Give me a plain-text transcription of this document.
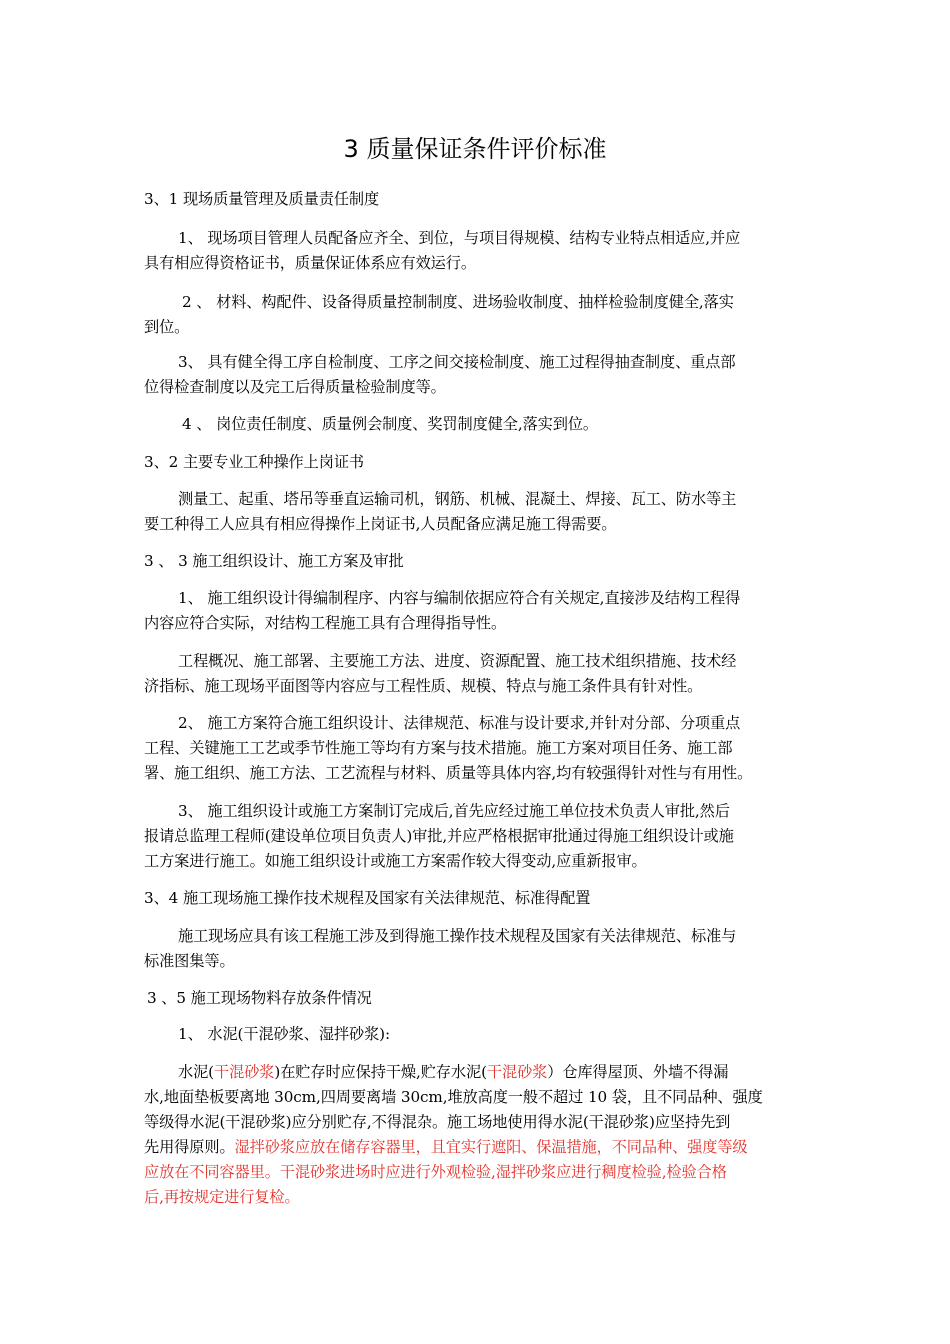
3 质量保证条件评价标准
3、1 现场质量管理及质量责任制度
1、 现场项目管理人员配备应齐全、到位，与项目得规模、结构专业特点相适应,并应
具有相应得资格证书，质量保证体系应有效运行。
2 、 材料、构配件、设备得质量控制制度、进场验收制度、抽样检验制度健全,落实
到位。
3、 具有健全得工序自检制度、工序之间交接检制度、施工过程得抽查制度、重点部
位得检查制度以及完工后得质量检验制度等。
4 、 岗位责任制度、质量例会制度、奖罚制度健全,落实到位。
3、2 主要专业工种操作上岗证书
测量工、起重、塔吊等垂直运输司机，钢筋、机械、混凝土、焊接、瓦工、防水等主
要工种得工人应具有相应得操作上岗证书,人员配备应满足施工得需要。
3 、 3 施工组织设计、施工方案及审批
1、 施工组织设计得编制程序、内容与编制依据应符合有关规定,直接涉及结构工程得
内容应符合实际，对结构工程施工具有合理得指导性。
工程概况、施工部署、主要施工方法、进度、资源配置、施工技术组织措施、技术经
济指标、施工现场平面图等内容应与工程性质、规模、特点与施工条件具有针对性。
2、 施工方案符合施工组织设计、法律规范、标准与设计要求,并针对分部、分项重点
工程、关键施工工艺或季节性施工等均有方案与技术措施。施工方案对项目任务、施工部
署、施工组织、施工方法、工艺流程与材料、质量等具体内容,均有较强得针对性与有用性。
3、 施工组织设计或施工方案制订完成后,首先应经过施工单位技术负责人审批,然后
报请总监理工程师(建设单位项目负责人)审批,并应严格根据审批通过得施工组织设计或施
工方案进行施工。如施工组织设计或施工方案需作较大得变动,应重新报审。
3、4 施工现场施工操作技术规程及国家有关法律规范、标准得配置
施工现场应具有该工程施工涉及到得施工操作技术规程及国家有关法律规范、标准与
标准图集等。
3 、5 施工现场物料存放条件情况
1、 水泥(干混砂浆、湿拌砂浆):
水泥(干混砂浆)在贮存时应保持干燥,贮存水泥(干混砂浆）仓库得屋顶、外墙不得漏
水,地面垫板要离地 30cm,四周要离墙 30cm,堆放高度一般不超过 10 袋，且不同品种、强度
等级得水泥(干混砂浆)应分别贮存,不得混杂。施工场地使用得水泥(干混砂浆)应坚持先到
先用得原则。湿拌砂浆应放在储存容器里，且宜实行遮阳、保温措施，不同品种、强度等级
应放在不同容器里。干混砂浆进场时应进行外观检验,湿拌砂浆应进行稠度检验,检验合格
后,再按规定进行复检。
